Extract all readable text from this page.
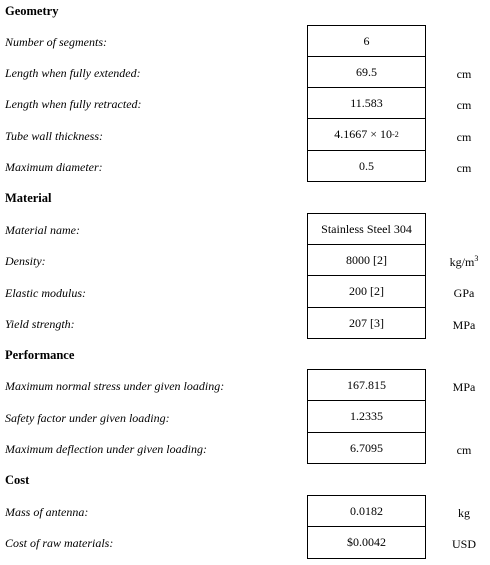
Geometry
Number of segments:	6
Length when fully extended:	69.5	cm
Length when fully retracted:	11.583	cm
Tube wall thickness:	4.1667 × 10 -2	cm
Maximum diameter:	0.5	cm
Material
Material name:	Stainless Steel 304
Density:	8000 [2]	$kg/m^3$
Elastic modulus:	200 [2]	GPa
Yield strength:	207 [3]	MPa
Performance
Maximum normal stress under given loading:	167.815	MPa
Safety factor under given loading:	1.2335
Maximum deflection under given loading:	6.7095	cm
Cost
Mass of antenna:	0.0182	kg
Cost of raw materials:	$0.0042	USD
